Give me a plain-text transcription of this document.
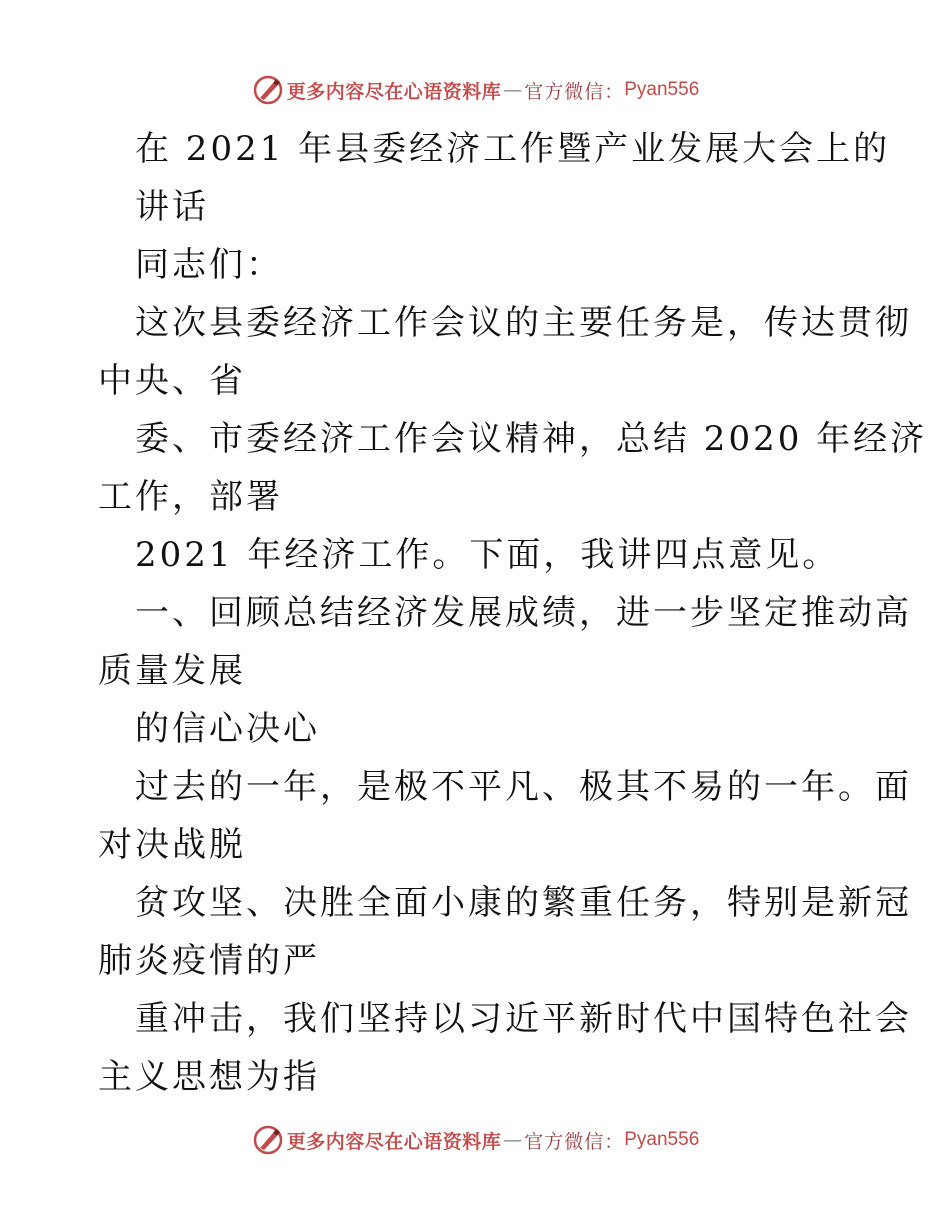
更多内容尽在心语资料库 — 官方微信： Pyan556
在 2021 年县委经济工作暨产业发展大会上的
讲话
同志们：
这次县委经济工作会议的主要任务是，传达贯彻
中央、省
委、市委经济工作会议精神，总结 2020 年经济
工作，部署
2021 年经济工作。下面，我讲四点意见。
一、回顾总结经济发展成绩，进一步坚定推动高
质量发展
的信心决心
过去的一年，是极不平凡、极其不易的一年。面
对决战脱
贫攻坚、决胜全面小康的繁重任务，特别是新冠
肺炎疫情的严
重冲击，我们坚持以习近平新时代中国特色社会
主义思想为指
更多内容尽在心语资料库 — 官方微信： Pyan556
